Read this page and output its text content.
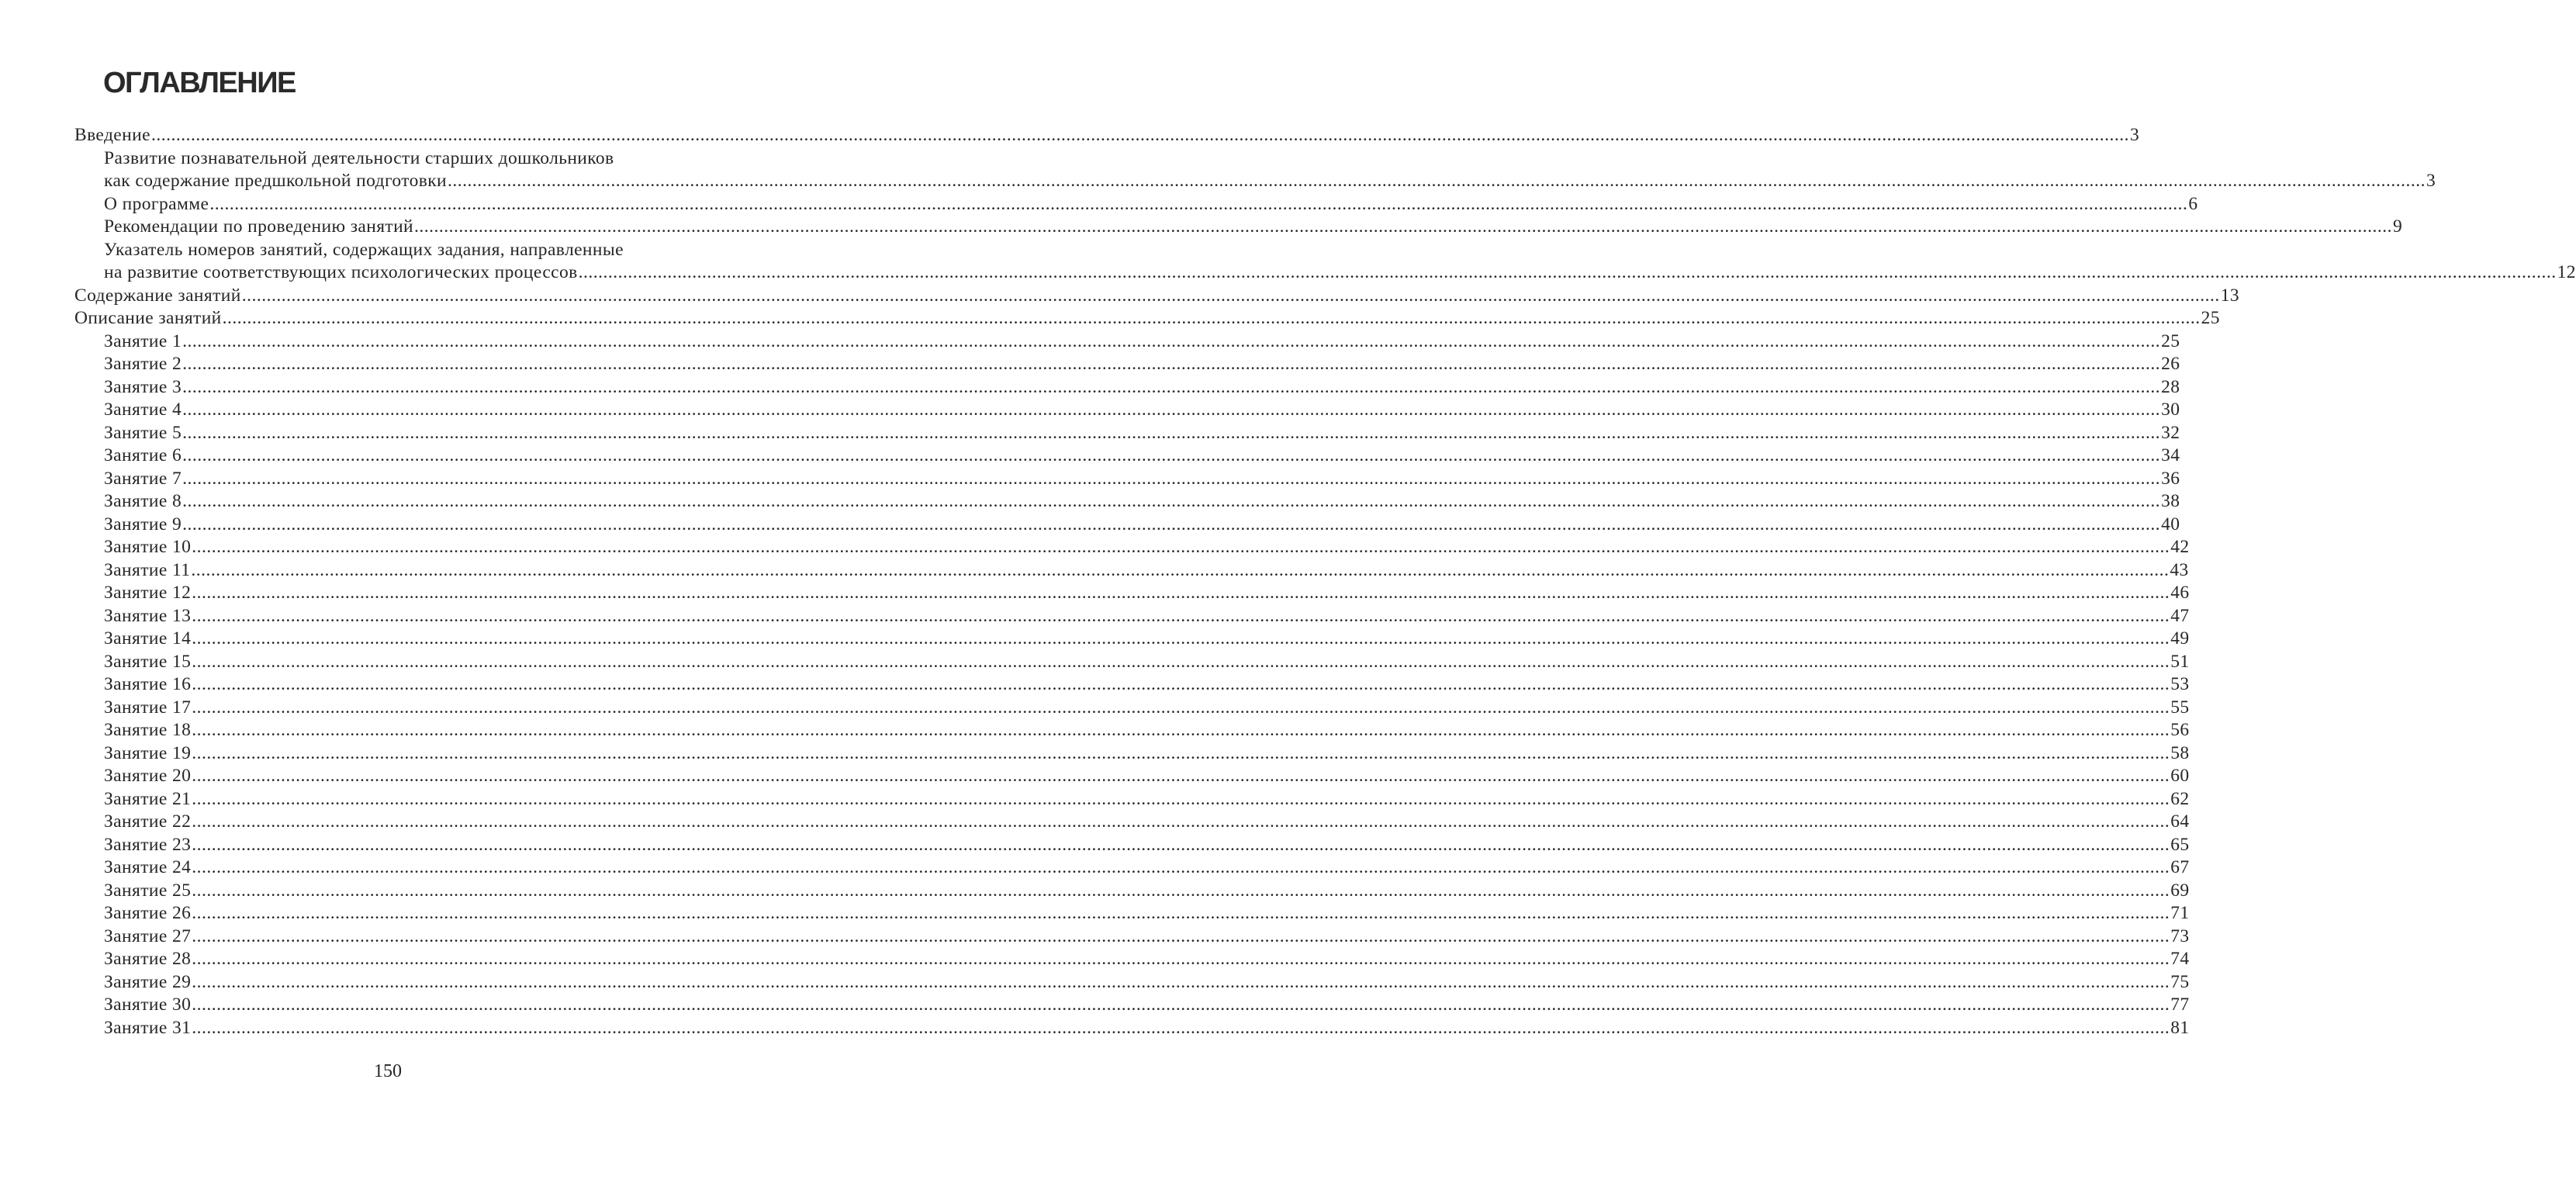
ОГЛАВЛЕНИЕ
Введение ................................................................................................................................................................................................................................................................................................................................................................................................................ 3
Развитие познавательной деятельности старших дошкольников
как содержание предшкольной подготовки ................................................................................................................................................................................................................................................................................................................................................................................................................ 3
О программе ................................................................................................................................................................................................................................................................................................................................................................................................................ 6
Рекомендации по проведению занятий ................................................................................................................................................................................................................................................................................................................................................................................................................ 9
Указатель номеров занятий, содержащих задания, направленные
на развитие соответствующих психологических процессов ................................................................................................................................................................................................................................................................................................................................................................................................................ 12
Содержание занятий ................................................................................................................................................................................................................................................................................................................................................................................................................ 13
Описание занятий ................................................................................................................................................................................................................................................................................................................................................................................................................ 25
Занятие 1 ................................................................................................................................................................................................................................................................................................................................................................................................................ 25
Занятие 2 ................................................................................................................................................................................................................................................................................................................................................................................................................ 26
Занятие 3 ................................................................................................................................................................................................................................................................................................................................................................................................................ 28
Занятие 4 ................................................................................................................................................................................................................................................................................................................................................................................................................ 30
Занятие 5 ................................................................................................................................................................................................................................................................................................................................................................................................................ 32
Занятие 6 ................................................................................................................................................................................................................................................................................................................................................................................................................ 34
Занятие 7 ................................................................................................................................................................................................................................................................................................................................................................................................................ 36
Занятие 8 ................................................................................................................................................................................................................................................................................................................................................................................................................ 38
Занятие 9 ................................................................................................................................................................................................................................................................................................................................................................................................................ 40
Занятие 10 ................................................................................................................................................................................................................................................................................................................................................................................................................ 42
Занятие 11 ................................................................................................................................................................................................................................................................................................................................................................................................................ 43
Занятие 12 ................................................................................................................................................................................................................................................................................................................................................................................................................ 46
Занятие 13 ................................................................................................................................................................................................................................................................................................................................................................................................................ 47
Занятие 14 ................................................................................................................................................................................................................................................................................................................................................................................................................ 49
Занятие 15 ................................................................................................................................................................................................................................................................................................................................................................................................................ 51
Занятие 16 ................................................................................................................................................................................................................................................................................................................................................................................................................ 53
Занятие 17 ................................................................................................................................................................................................................................................................................................................................................................................................................ 55
Занятие 18 ................................................................................................................................................................................................................................................................................................................................................................................................................ 56
Занятие 19 ................................................................................................................................................................................................................................................................................................................................................................................................................ 58
Занятие 20 ................................................................................................................................................................................................................................................................................................................................................................................................................ 60
Занятие 21 ................................................................................................................................................................................................................................................................................................................................................................................................................ 62
Занятие 22 ................................................................................................................................................................................................................................................................................................................................................................................................................ 64
Занятие 23 ................................................................................................................................................................................................................................................................................................................................................................................................................ 65
Занятие 24 ................................................................................................................................................................................................................................................................................................................................................................................................................ 67
Занятие 25 ................................................................................................................................................................................................................................................................................................................................................................................................................ 69
Занятие 26 ................................................................................................................................................................................................................................................................................................................................................................................................................ 71
Занятие 27 ................................................................................................................................................................................................................................................................................................................................................................................................................ 73
Занятие 28 ................................................................................................................................................................................................................................................................................................................................................................................................................ 74
Занятие 29 ................................................................................................................................................................................................................................................................................................................................................................................................................ 75
Занятие 30 ................................................................................................................................................................................................................................................................................................................................................................................................................ 77
Занятие 31 ................................................................................................................................................................................................................................................................................................................................................................................................................ 81
150
